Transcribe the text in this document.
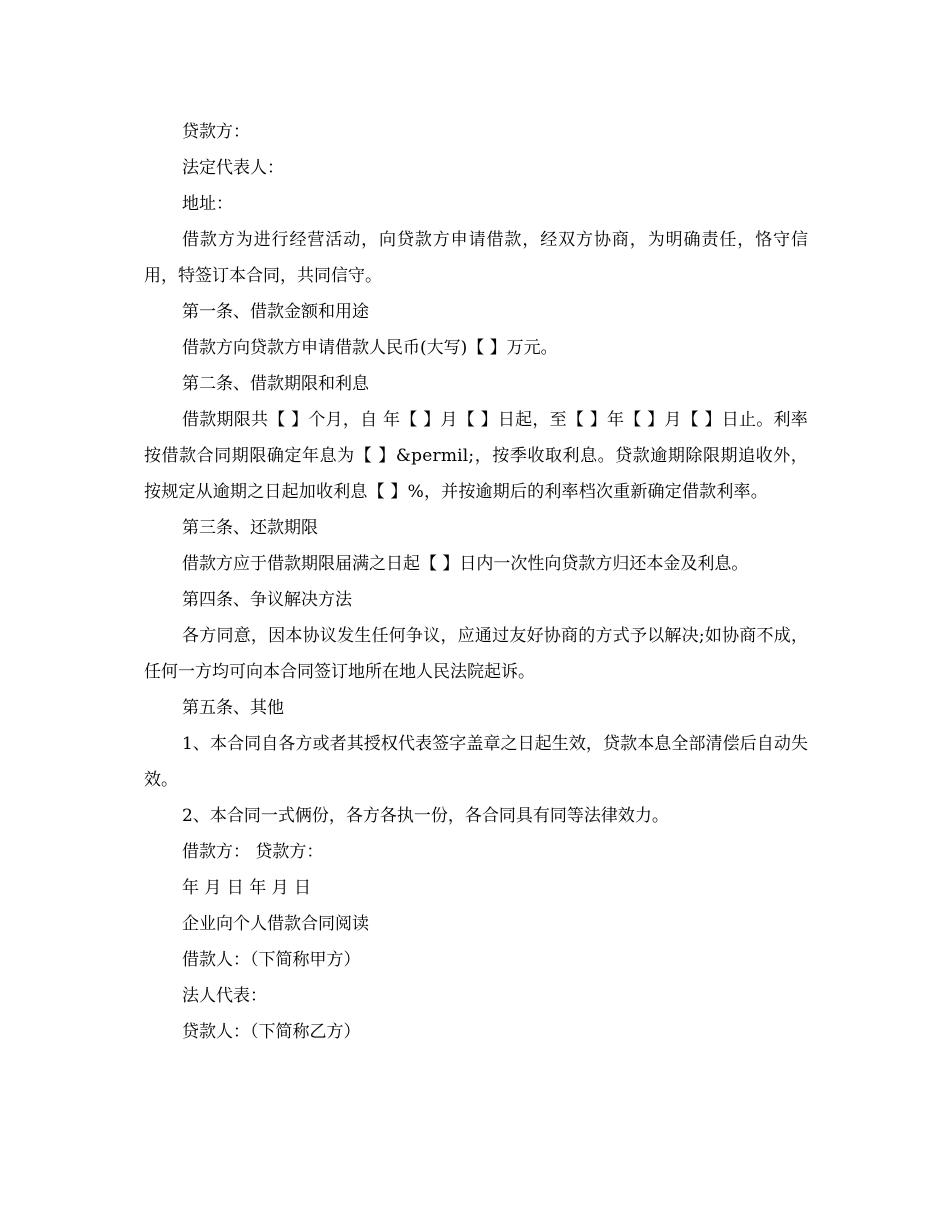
贷款方：

法定代表人：

地址：

借款方为进行经营活动，向贷款方申请借款，经双方协商，为明确责任，恪守信用，特签订本合同，共同信守。

第一条、借款金额和用途

借款方向贷款方申请借款人民币(大写)【 】万元。

第二条、借款期限和利息

借款期限共【 】个月，自 年【 】月【 】日起，至【 】年【 】月【 】日止。利率按借款合同期限确定年息为【 】&permil;，按季收取利息。贷款逾期除限期追收外，按规定从逾期之日起加收利息【 】%，并按逾期后的利率档次重新确定借款利率。

第三条、还款期限

借款方应于借款期限届满之日起【 】日内一次性向贷款方归还本金及利息。

第四条、争议解决方法

各方同意，因本协议发生任何争议，应通过友好协商的方式予以解决;如协商不成，任何一方均可向本合同签订地所在地人民法院起诉。

第五条、其他

1、本合同自各方或者其授权代表签字盖章之日起生效，贷款本息全部清偿后自动失效。

2、本合同一式俩份，各方各执一份，各合同具有同等法律效力。

借款方： 贷款方：

年 月 日 年 月 日

企业向个人借款合同阅读

借款人：（下简称甲方）

法人代表：

贷款人：（下简称乙方）
